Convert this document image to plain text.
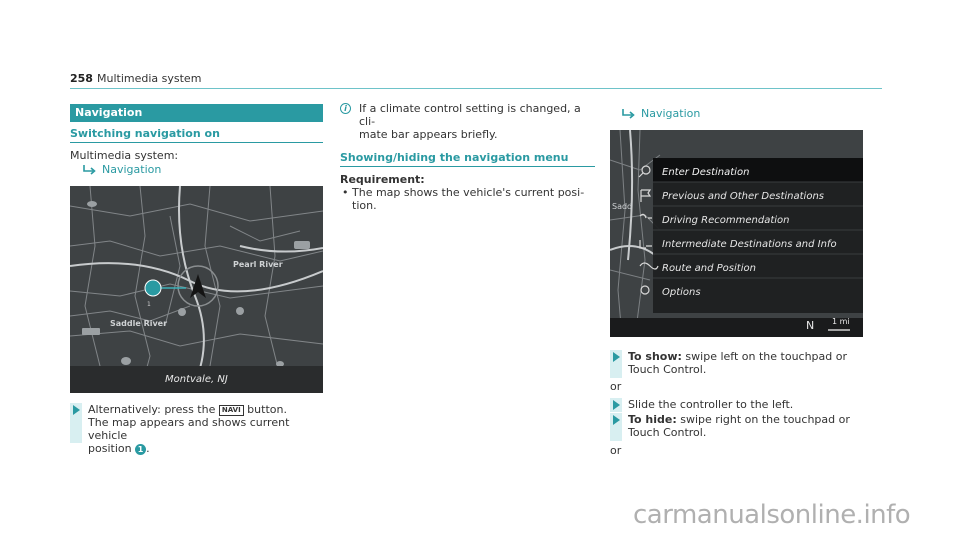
258 Multimedia system
Navigation
Switching navigation on
Multimedia system:
Navigation
1
Pearl River
Saddle River
Montvale, NJ
Alternatively: press the NAVI button.
The map appears and shows current vehicle
position 1 .
i	If a climate control setting is changed, a cli-
mate bar appears briefly.
Showing/hiding the navigation menu
Requirement:
• The map shows the vehicle's current posi-
tion.
Navigation
Enter Destination
Previous and Other Destinations
Driving Recommendation
Intermediate Destinations and Info
Route and Position
Options
Sadd
N 1 mi
To show: swipe left on the touchpad or
Touch Control.
or
Slide the controller to the left.
To hide: swipe right on the touchpad or
Touch Control.
or
carmanualsonline.info
